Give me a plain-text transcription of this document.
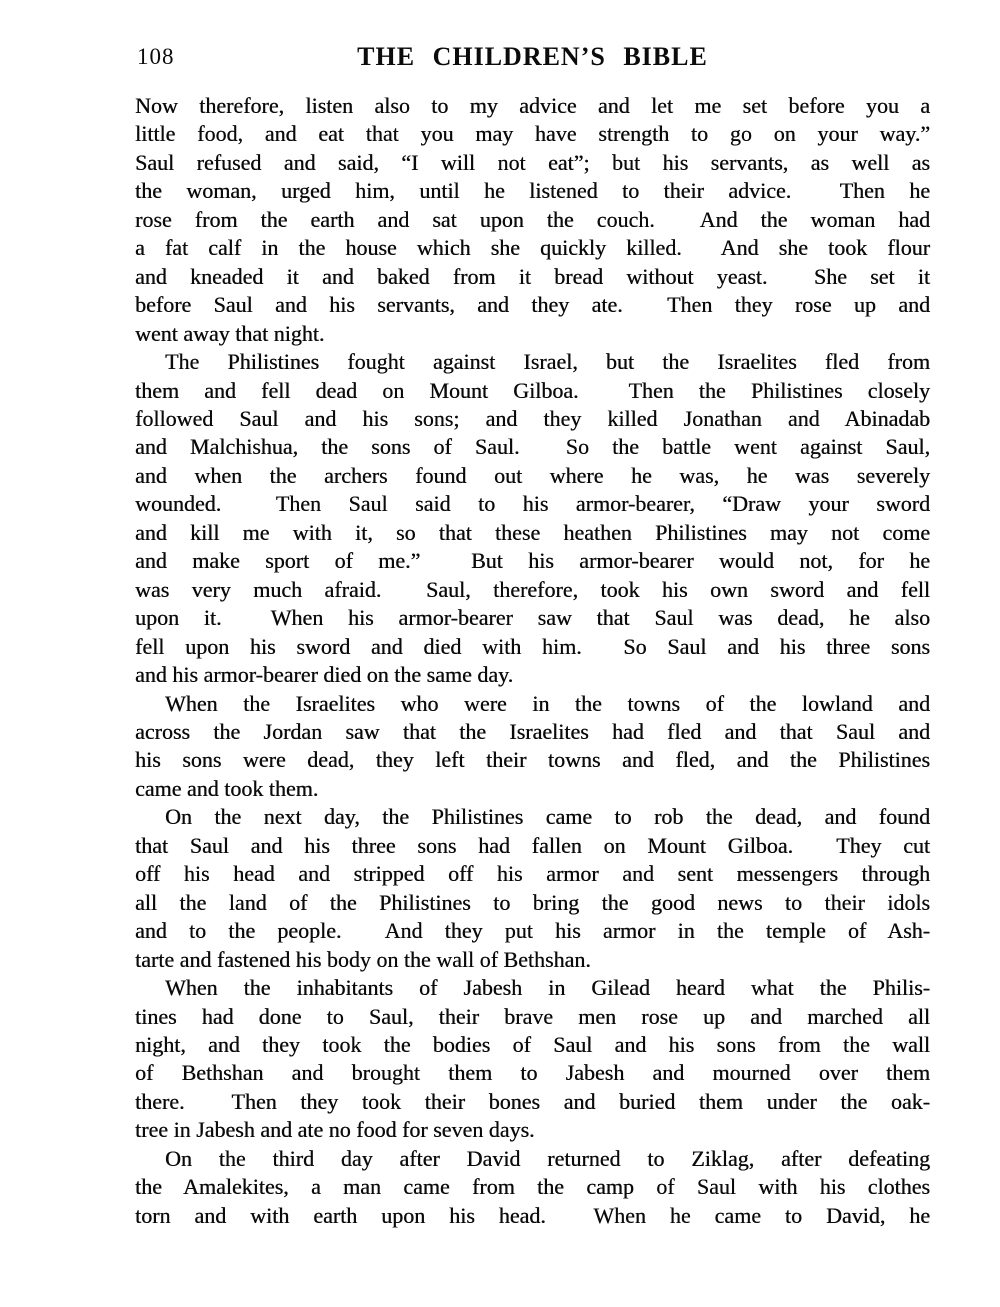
108	THE CHILDREN’S BIBLE

Now therefore, listen also to my advice and let me set before you a
little food, and eat that you may have strength to go on your way.”
Saul refused and said, “I will not eat”; but his servants, as well as
the woman, urged him, until he listened to their advice.  Then he
rose from the earth and sat upon the couch.  And the woman had
a fat calf in the house which she quickly killed.  And she took flour
and kneaded it and baked from it bread without yeast.  She set it
before Saul and his servants, and they ate.  Then they rose up and
went away that night.

The Philistines fought against Israel, but the Israelites fled from
them and fell dead on Mount Gilboa.  Then the Philistines closely
followed Saul and his sons; and they killed Jonathan and Abinadab
and Malchishua, the sons of Saul.  So the battle went against Saul,
and when the archers found out where he was, he was severely
wounded.  Then Saul said to his armor-bearer, “Draw your sword
and kill me with it, so that these heathen Philistines may not come
and make sport of me.”  But his armor-bearer would not, for he
was very much afraid.  Saul, therefore, took his own sword and fell
upon it.  When his armor-bearer saw that Saul was dead, he also
fell upon his sword and died with him.  So Saul and his three sons
and his armor-bearer died on the same day.

When the Israelites who were in the towns of the lowland and
across the Jordan saw that the Israelites had fled and that Saul and
his sons were dead, they left their towns and fled, and the Philistines
came and took them.

On the next day, the Philistines came to rob the dead, and found
that Saul and his three sons had fallen on Mount Gilboa.  They cut
off his head and stripped off his armor and sent messengers through
all the land of the Philistines to bring the good news to their idols
and to the people.  And they put his armor in the temple of Ash-
tarte and fastened his body on the wall of Bethshan.

When the inhabitants of Jabesh in Gilead heard what the Philis-
tines had done to Saul, their brave men rose up and marched all
night, and they took the bodies of Saul and his sons from the wall
of Bethshan and brought them to Jabesh and mourned over them
there.  Then they took their bones and buried them under the oak-
tree in Jabesh and ate no food for seven days.

On the third day after David returned to Ziklag, after defeating
the Amalekites, a man came from the camp of Saul with his clothes
torn and with earth upon his head.  When he came to David, he
